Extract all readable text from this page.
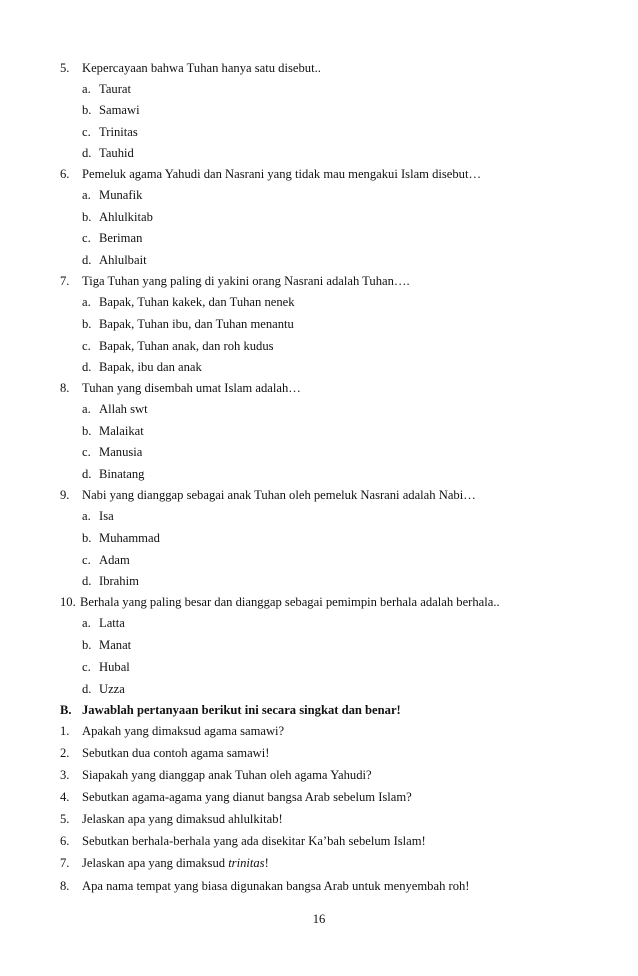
5. Kepercayaan bahwa Tuhan hanya satu disebut..
a. Taurat
b. Samawi
c. Trinitas
d. Tauhid
6. Pemeluk agama Yahudi dan Nasrani yang tidak mau mengakui Islam disebut…
a. Munafik
b. Ahlulkitab
c. Beriman
d. Ahlulbait
7. Tiga Tuhan yang paling di yakini orang Nasrani adalah Tuhan….
a. Bapak, Tuhan kakek, dan Tuhan nenek
b. Bapak, Tuhan ibu, dan Tuhan menantu
c. Bapak, Tuhan anak, dan roh kudus
d. Bapak, ibu dan anak
8. Tuhan yang disembah umat Islam adalah…
a. Allah swt
b. Malaikat
c. Manusia
d. Binatang
9. Nabi yang dianggap sebagai anak Tuhan oleh pemeluk Nasrani adalah Nabi…
a. Isa
b. Muhammad
c. Adam
d. Ibrahim
10. Berhala yang paling besar dan dianggap sebagai pemimpin berhala adalah berhala..
a. Latta
b. Manat
c. Hubal
d. Uzza
B. Jawablah pertanyaan berikut ini secara singkat dan benar!
1. Apakah yang dimaksud agama samawi?
2. Sebutkan dua contoh agama samawi!
3. Siapakah yang dianggap anak Tuhan oleh agama Yahudi?
4. Sebutkan agama-agama yang dianut bangsa Arab sebelum Islam?
5. Jelaskan apa yang dimaksud ahlulkitab!
6. Sebutkan berhala-berhala yang ada disekitar Ka’bah sebelum Islam!
7. Jelaskan apa yang dimaksud trinitas!
8. Apa nama tempat yang biasa digunakan bangsa Arab untuk menyembah roh!
16
